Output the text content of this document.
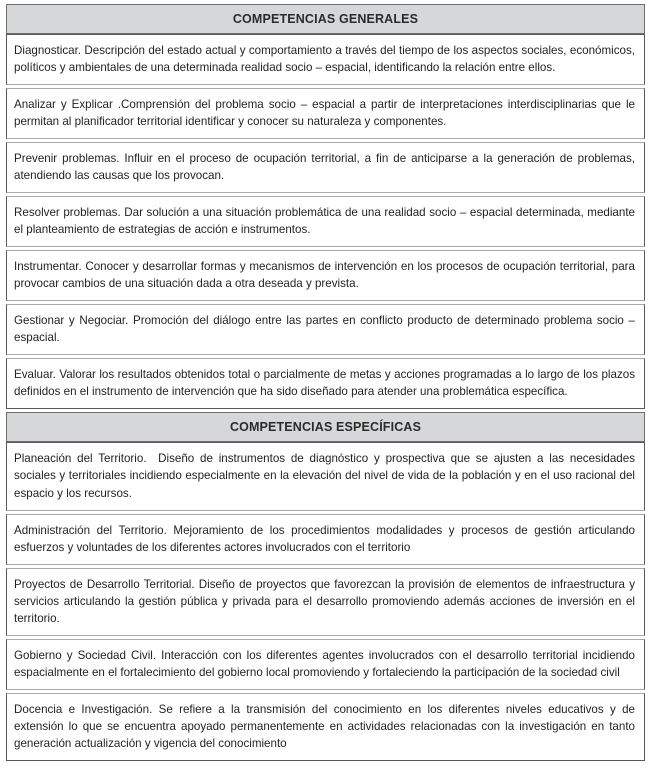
COMPETENCIAS GENERALES

Diagnosticar. Descripción del estado actual y comportamiento a través del tiempo de los aspectos sociales, económicos, políticos y ambientales de una determinada realidad socio – espacial, identificando la relación entre ellos.

Analizar y Explicar .Comprensión del problema socio – espacial a partir de interpretaciones interdisciplinarias que le permitan al planificador territorial identificar y conocer su naturaleza y componentes.

Prevenir problemas. Influir en el proceso de ocupación territorial, a fin de anticiparse a la generación de problemas, atendiendo las causas que los provocan.

Resolver problemas. Dar solución a una situación problemática de una realidad socio – espacial determinada, mediante el planteamiento de estrategias de acción e instrumentos.

Instrumentar. Conocer y desarrollar formas y mecanismos de intervención en los procesos de ocupación territorial, para provocar cambios de una situación dada a otra deseada y prevista.

Gestionar y Negociar. Promoción del diálogo entre las partes en conflicto producto de determinado problema socio – espacial.

Evaluar. Valorar los resultados obtenidos total o parcialmente de metas y acciones programadas a lo largo de los plazos definidos en el instrumento de intervención que ha sido diseñado para atender una problemática específica.

COMPETENCIAS ESPECÍFICAS

Planeación del Territorio.  Diseño de instrumentos de diagnóstico y prospectiva que se ajusten a las necesidades sociales y territoriales incidiendo especialmente en la elevación del nivel de vida de la población y en el uso racional del espacio y los recursos.

Administración del Territorio. Mejoramiento de los procedimientos modalidades y procesos de gestión articulando esfuerzos y voluntades de los diferentes actores involucrados con el territorio

Proyectos de Desarrollo Territorial. Diseño de proyectos que favorezcan la provisión de elementos de infraestructura y servicios articulando la gestión pública y privada para el desarrollo promoviendo además acciones de inversión en el territorio.

Gobierno y Sociedad Civil. Interacción con los diferentes agentes involucrados con el desarrollo territorial incidiendo espacialmente en el fortalecimiento del gobierno local promoviendo y fortaleciendo la participación de la sociedad civil

Docencia e Investigación. Se refiere a la transmisión del conocimiento en los diferentes niveles educativos y de extensión lo que se encuentra apoyado permanentemente en actividades relacionadas con la investigación en tanto generación actualización y vigencia del conocimiento
